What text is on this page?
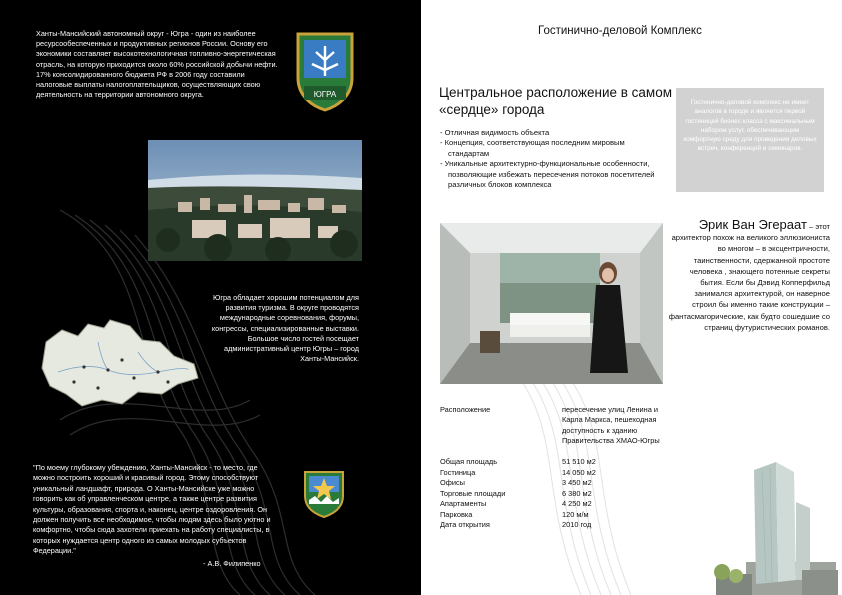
Ханты-Мансийский автономный округ - Югра - один из наиболее ресурсообеспеченных и продуктивных регионов России. Основу его экономики составляет высокотехнологичная топливно-энергетическая отрасль, на которую приходится около 60% российской добычи нефти. 17% консолидированного бюджета РФ в 2006 году составили налоговые выплаты налогоплательщиков, осуществляющих свою деятельность на территории автономного округа.	ЮГРА
Югра обладает хорошим потенциалом для развития туризма. В округе проводятся международные соревнования, форумы, конгрессы, специализированные выставки. Большое число гостей посещает административный центр Югры – город Ханты-Мансийск.
"По моему глубокому убеждению, Ханты-Мансийск - то место, где можно построить хороший и красивый город. Этому способствуют уникальный ландшафт, природа. О Ханты-Мансийске уже можно говорить как об управленческом центре, а также центре развития культуры, образования, спорта и, наконец, центре оздоровления. Он должен получить все необходимое, чтобы людям здесь было уютно и комфортно, чтобы сюда захотели приехать на работу специалисты, в которых нуждается центр одного из самых молодых субъектов Федерации."
- А.В. Филипенко
Гостинично-деловой Комплекс
Центральное расположение в самом
«сердце» города
- Отличная видимость объекта
- Концепция, соответствующая последним мировым стандартам
- Уникальные архитектурно-функциональные особенности, позволяющие избежать пересечения потоков посетителей различных блоков комплекса
Гостинично-деловой комплекс не имеет аналогов в городе и является первой гостиницей бизнес класса с максимальным набором услуг, обеспечивающим комфортную среду для проведения деловых встреч, конференций и семинаров.
Эрик Ван Эгераат – этот архитектор похож на великого эллюзиониста во многом – в эксцентричности, таинственности, сдержанной простоте человека , знающего потенные секреты бытия. Если бы Дэвид Копперфильд занимался архитектурой, он наверное строил бы именно такие конструкции – фантасмагорические, как будто сошедшие со страниц футуристических романов.
Расположение	пересечение улиц Ленина и Карла Маркса, пешеходная доступность к зданию Правительства ХМАО-Югры
Общая площадь	51 510 м2
Гостиница	14 050 м2
Офисы	3 450 м2
Торговые площади	6 380 м2
Апартаменты	4 250 м2
Парковка	120 м/м
Дата открытия	2010 год
